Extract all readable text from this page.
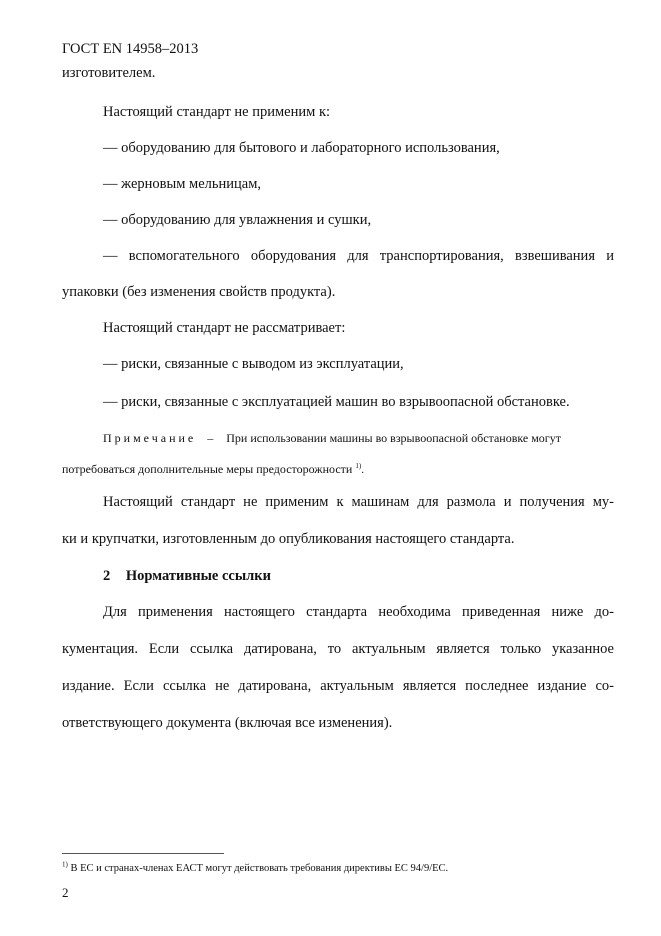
ГОСТ EN 14958–2013
изготовителем.
Настоящий стандарт не применим к:
— оборудованию для бытового и лабораторного использования,
— жерновым мельницам,
— оборудованию для увлажнения и сушки,
— вспомогательного оборудования для транспортирования, взвешивания и
упаковки (без изменения свойств продукта).
Настоящий стандарт не рассматривает:
— риски, связанные с выводом из эксплуатации,
— риски, связанные с эксплуатацией машин во взрывоопасной обстановке.
Примечание – При использовании машины во взрывоопасной обстановке могут
потребоваться дополнительные меры предосторожности $^{1)}$.
Настоящий стандарт не применим к машинам для размола и получения му-
ки и крупчатки, изготовленным до опубликования настоящего стандарта.
2 Нормативные ссылки
Для применения настоящего стандарта необходима приведенная ниже до-
кументация. Если ссылка датирована, то актуальным является только указанное
издание. Если ссылка не датирована, актуальным является последнее издание со-
ответствующего документа (включая все изменения).
$^{1)}$ В ЕС и странах-членах ЕАСТ могут действовать требования директивы ЕС 94/9/ЕС.
2
